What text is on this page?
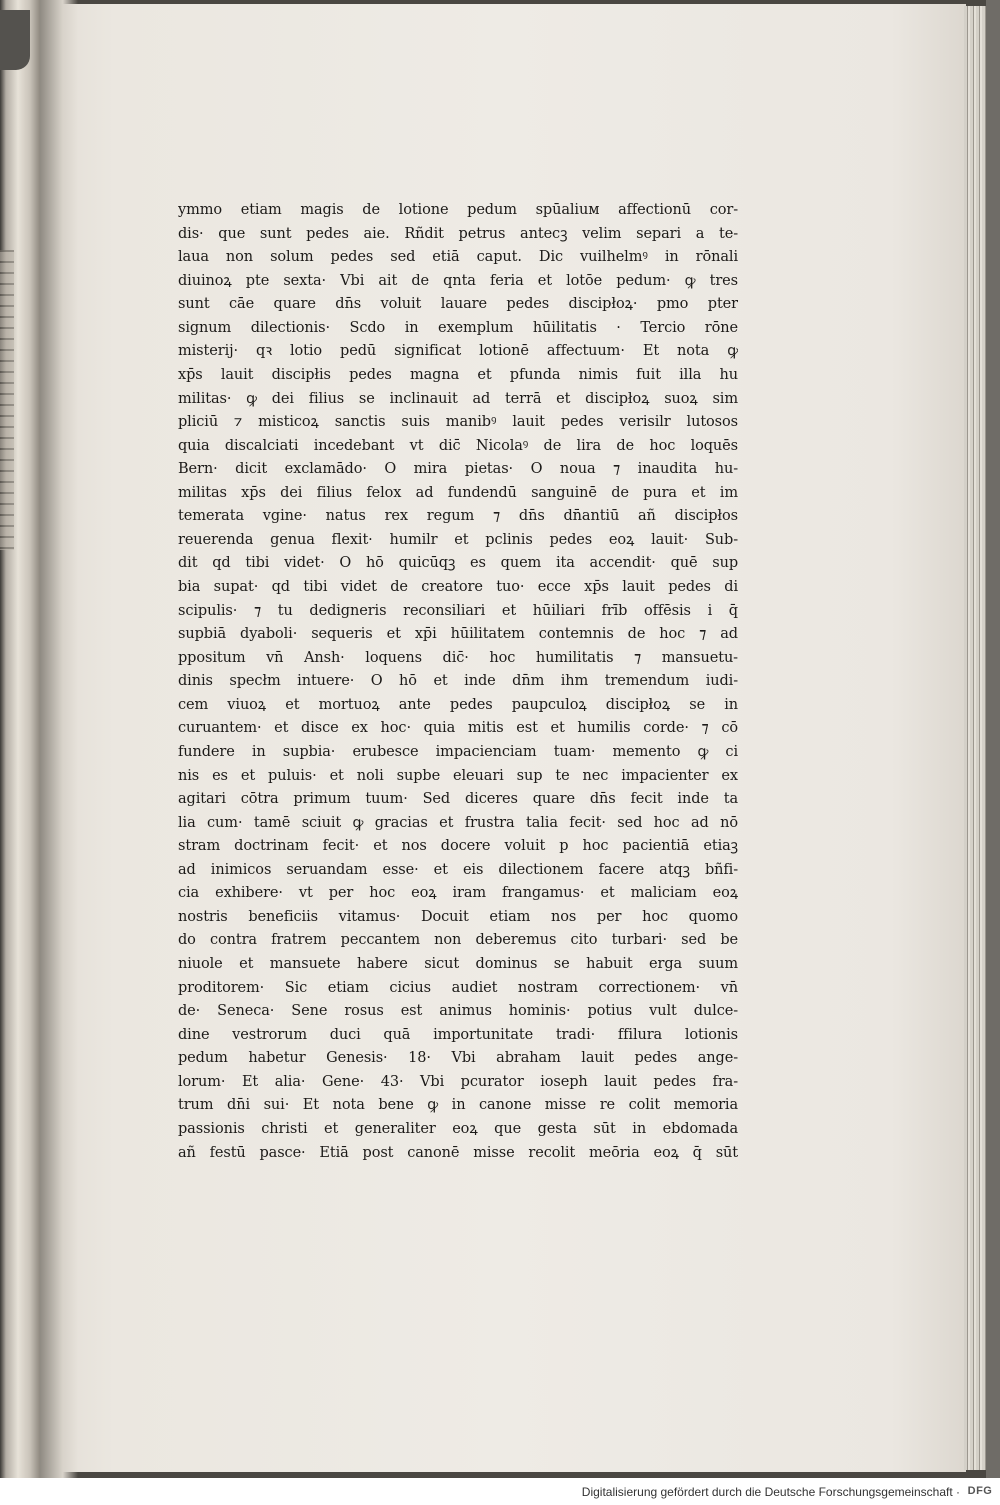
ymmo etiam magis de lotione pedum spūaliuм affectionū cor-
dis· que sunt pedes aie. Rñdit petrus antecꝫ velim separi a te-
laua non solum pedes sed etiā caput. Dic vuilhelmꝰ in rōnali
diuinoꝝ pte sexta· Vbi ait de qnta feria et lotōe pedum· ꝙ tres
sunt cāe quare dn̄s voluit lauare pedes discipłoꝝ· pmo pter
signum dilectionis· Scd̄o in exemplum hūilitatis · Tercio rōne
misterij· qꝛ lotio pedū significat lotionē affectuum· Et nota ꝙ
xp̄s lauit discipłis pedes magna et pfunda nimis fuit illa hu
militas· ꝙ dei filius se inclinauit ad terrā et discipłoꝝ suoꝝ sim
pliciū ⁊ misticoꝝ sanctis suis manibꝰ lauit pedes verisilr lutosos
quia discalciati incedebant vt dic̄ Nicolaꝰ de lira de hoc loquēs
Bern· dicit exclamādo· O mira pietas· O noua ⁊ inaudita hu-
militas xp̄s dei filius felox ad fundendū sanguinē de pura et im
temerata vgine· natus rex regum ⁊ dn̄s dn̄antiū añ discipłos
reuerenda genua flexit· humilr et pclinis pedes eoꝝ lauit· Sub-
dit qd tibi videt̄· O hō quicūqꝫ es quem ita accendit· quē sup
bia supat· qd tibi videt̄ de creatore tuo· ecce xp̄s lauit pedes di
scipulis· ⁊ tu dedigneris reconsiliari et hūiliari frīb offēsis i q̄
supbiā dyaboli· sequeris et xp̄i hūilitatem contemnis de hoc ⁊ ad
ppositum vn̄ Ansh· loquens dic̄· hoc humilitatis ⁊ mansuetu-
dinis specłm intuere· O hō et inde dn̄m ihm tremendum iudi-
cem viuoꝝ et mortuoꝝ ante pedes paupculoꝝ discipłoꝝ se in
curuantem· et disce ex hoc· quia mitis est et humilis corde· ⁊ cō
fundere in supbia· erubesce impacienciam tuam· memento ꝙ ci
nis es et puluis· et noli supbe eleuari sup te nec impacienter ex
agitari cōtra primum tuum· Sed diceres quare dn̄s fecit inde ta
lia cum· tamē sciuit ꝙ gracias et frustra talia fecit· sed hoc ad nō
stram doctrinam fecit· et nos docere voluit p hoc pacientiā etiaꝫ
ad inimicos seruandam esse· et eis dilectionem facere atqꝫ bñfi-
cia exhibere· vt per hoc eoꝝ iram frangamus· et maliciam eoꝝ
nostris beneficiis vitamus· Docuit etiam nos per hoc quomo
do contra fratrem peccantem non deberemus cito turbari· sed be
niuole et mansuete habere sicut dominus se habuit erga suum
proditorem· Sic etiam cicius audiet nostram correctionem· vn̄
de· Seneca· Sene rosus est animus hominis· potius vult dulce-
dine vestrorum duci quā importunitate tradi· ffilura lotionis
pedum habetur Genesis· 18· Vbi abraham lauit pedes ange-
lorum· Et alia· Gene· 43· Vbi pcurator ioseph lauit pedes fra-
trum dn̄i sui· Et nota bene ꝙ in canone misse re colit̄ memoria
passionis christi et generaliter eoꝝ que gesta sūt in ebdomada
añ festū pasce· Etiā post canonē misse recolit̄ meōria eoꝝ q̄ sūt
Digitalisierung gefördert durch die Deutsche Forschungsgemeinschaft · DFG
